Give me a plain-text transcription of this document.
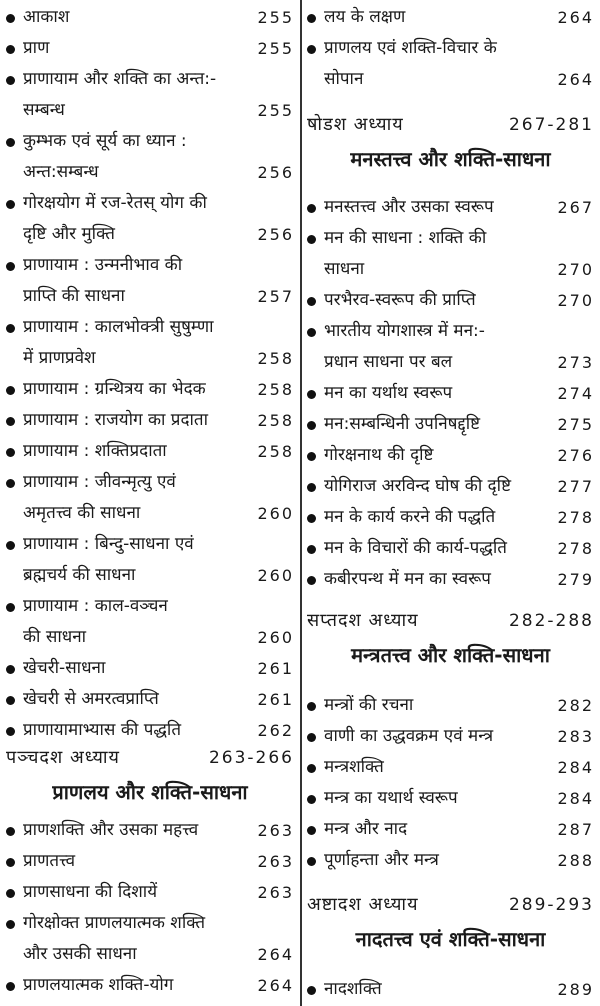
आकाश	255
प्राण	255
प्राणायाम और शक्ति का अन्त:-
सम्बन्ध	255
कुम्भक एवं सूर्य का ध्यान :
अन्त:सम्बन्ध	256
गोरक्षयोग में रज-रेतस् योग की
दृष्टि और मुक्ति	256
प्राणायाम : उन्मनीभाव की
प्राप्ति की साधना	257
प्राणायाम : कालभोक्त्री सुषुम्णा
में प्राणप्रवेश	258
प्राणायाम : ग्रन्थित्रय का भेदक	258
प्राणायाम : राजयोग का प्रदाता	258
प्राणायाम : शक्तिप्रदाता	258
प्राणायाम : जीवन्मृत्यु एवं
अमृतत्त्व की साधना	260
प्राणायाम : बिन्दु-साधना एवं
ब्रह्मचर्य की साधना	260
प्राणायाम : काल-वञ्चन
की साधना	260
खेचरी-साधना	261
खेचरी से अमरत्वप्राप्ति	261
प्राणायामाभ्यास की पद्धति	262
पञ्चदश अध्याय	263-266
प्राणलय और शक्ति-साधना
प्राणशक्ति और उसका महत्त्व	263
प्राणतत्त्व	263
प्राणसाधना की दिशायें	263
गोरक्षोक्त प्राणलयात्मक शक्ति
और उसकी साधना	264
प्राणलयात्मक शक्ति-योग	264
लय के लक्षण	264
प्राणलय एवं शक्ति-विचार के
सोपान	264
षोडश अध्याय	267-281
मनस्तत्त्व और शक्ति-साधना
मनस्तत्त्व और उसका स्वरूप	267
मन की साधना : शक्ति की
साधना	270
परभैरव-स्वरूप की प्राप्ति	270
भारतीय योगशास्त्र में मन:-
प्रधान साधना पर बल	273
मन का यर्थाथ स्वरूप	274
मन:सम्बन्धिनी उपनिषद्दृष्टि	275
गोरक्षनाथ की दृष्टि	276
योगिराज अरविन्द घोष की दृष्टि	277
मन के कार्य करने की पद्धति	278
मन के विचारों की कार्य-पद्धति	278
कबीरपन्थ में मन का स्वरूप	279
सप्तदश अध्याय	282-288
मन्त्रतत्त्व और शक्ति-साधना
मन्त्रों की रचना	282
वाणी का उद्धवक्रम एवं मन्त्र	283
मन्त्रशक्ति	284
मन्त्र का यथार्थ स्वरूप	284
मन्त्र और नाद	287
पूर्णाहन्ता और मन्त्र	288
अष्टादश अध्याय	289-293
नादतत्त्व एवं शक्ति-साधना
नादशक्ति	289
